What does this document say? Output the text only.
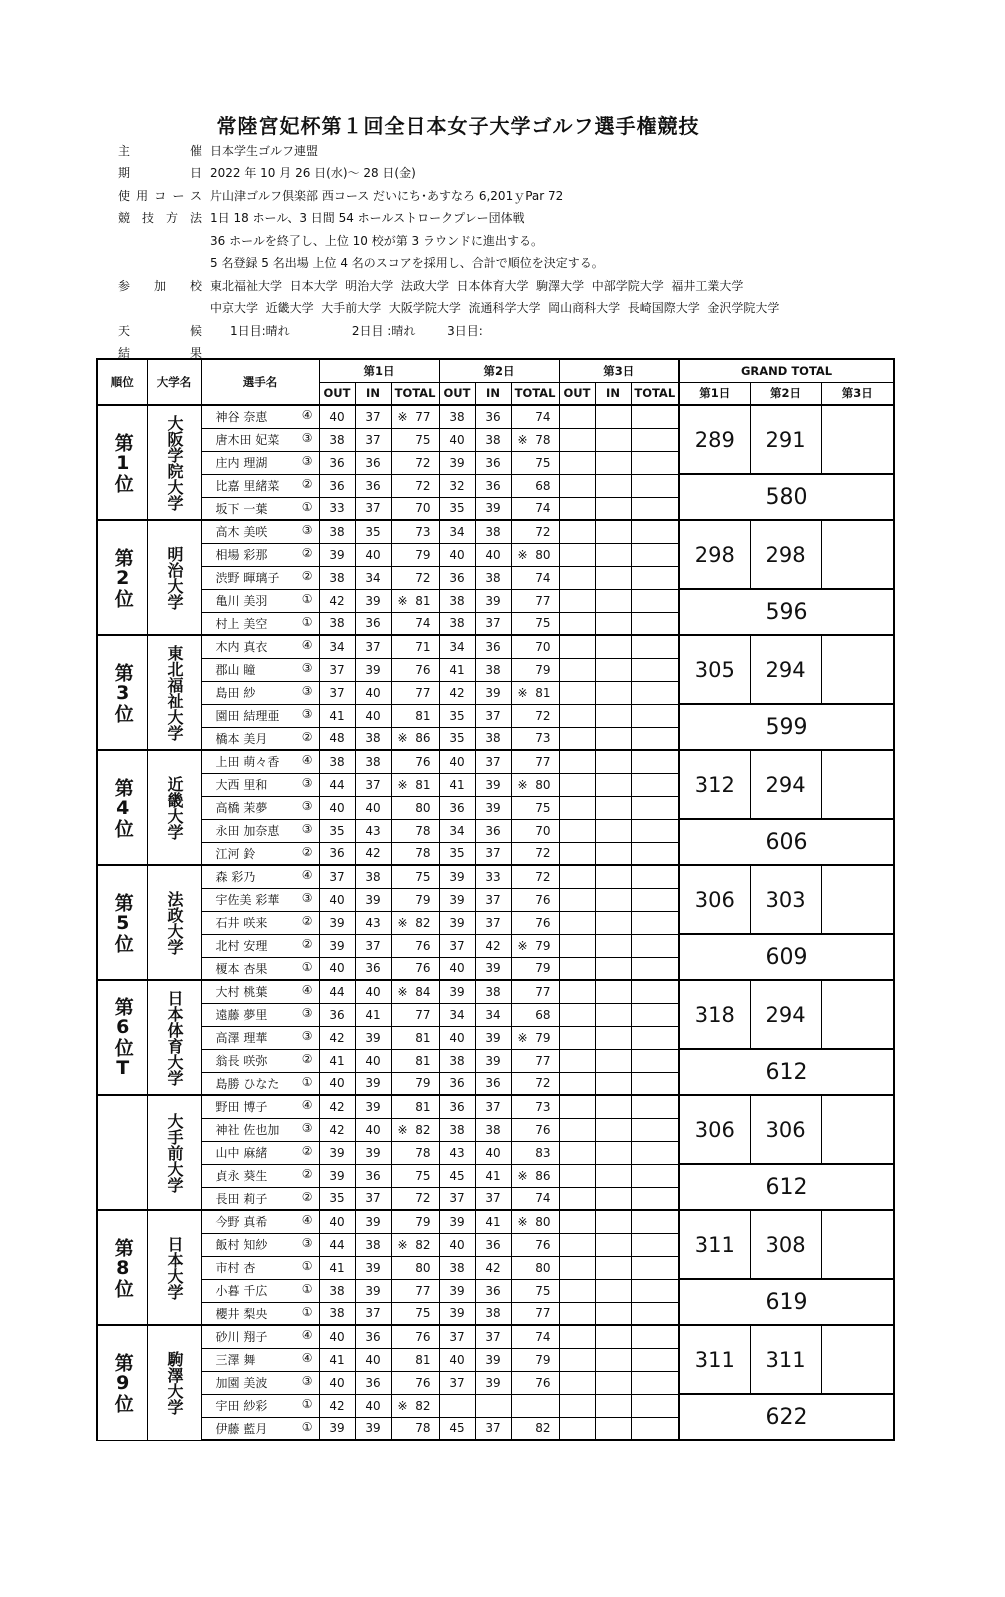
常陸宮妃杯第１回全日本女子大学ゴルフ選手権競技
主　　催 日本学生ゴルフ連盟
期　　日 2022 年 10 月 26 日(水)～ 28 日(金)
使用コース 片山津ゴルフ倶楽部 西コース だいにち･あすなろ 6,201ｙPar 72
競技方法 1日 18 ホール、3 日間 54 ホールストロークプレー団体戦
36 ホールを終了し、上位 10 校が第 3 ラウンドに進出する。
5 名登録 5 名出場 上位 4 名のスコアを採用し、合計で順位を決定する。
参 加 校 東北福祉大学  日本大学  明治大学  法政大学  日本体育大学  駒澤大学  中部学院大学  福井工業大学
中京大学  近畿大学  大手前大学  大阪学院大学  流通科学大学  岡山商科大学  長崎国際大学  金沢学院大学
天　　候 1日目:晴れ	2日目 :晴れ	3日目:
結　　果
順位	大学名	選手名	第1日			第2日			第3日			GRAND TOTAL		
			OUT	IN	TOTAL	OUT	IN	TOTAL	OUT	IN	TOTAL	第1日	第2日	第3日

第1位	大阪学院大学	神谷 奈恵 ④	40	37	※ 77	38	36	74				289	291	

		唐木田 妃菜 ③	38	37	75	40	38	※ 78						

		庄内 理湖 ③	36	36	72	39	36	75						

		比嘉 里緒菜 ②	36	36	72	32	36	68				580		

		坂下 一葉 ①	33	37	70	35	39	74						

第2位	明治大学	高木 美咲 ③	38	35	73	34	38	72				298	298	

		相場 彩那 ②	39	40	79	40	40	※ 80						

		渋野 暉璃子 ②	38	34	72	36	38	74						

		亀川 美羽 ①	42	39	※ 81	38	39	77				596		

		村上 美空 ①	38	36	74	38	37	75						

第3位	東北福祉大学	木内 真衣 ④	34	37	71	34	36	70				305	294	

		郡山 瞳 ③	37	39	76	41	38	79						

		島田 紗 ③	37	40	77	42	39	※ 81						

		園田 結理亜 ③	41	40	81	35	37	72				599		

		橋本 美月 ②	48	38	※ 86	35	38	73						

第4位	近畿大学	上田 萌々香 ④	38	38	76	40	37	77				312	294	

		大西 里和 ③	44	37	※ 81	41	39	※ 80						

		高橋 茉夢 ③	40	40	80	36	39	75						

		永田 加奈恵 ③	35	43	78	34	36	70				606		

		江河 鈴 ②	36	42	78	35	37	72						

第5位	法政大学	森 彩乃 ④	37	38	75	39	33	72				306	303	

		宇佐美 彩華 ③	40	39	79	39	37	76						

		石井 咲来 ②	39	43	※ 82	39	37	76						

		北村 安理 ②	39	37	76	37	42	※ 79				609		

		榎本 杏果 ①	40	36	76	40	39	79						

第6位T	日本体育大学	大村 桃葉 ④	44	40	※ 84	39	38	77				318	294	

		遠藤 夢里 ③	36	41	77	34	34	68						

		高澤 理華 ③	42	39	81	40	39	※ 79						

		翁長 咲弥 ②	41	40	81	38	39	77				612		

		島勝 ひなた ①	40	39	79	36	36	72						

	大手前大学	野田 博子 ④	42	39	81	36	37	73				306	306	

		神社 佐也加 ③	42	40	※ 82	38	38	76						

		山中 麻緒 ②	39	39	78	43	40	83						

		貞永 葵生 ②	39	36	75	45	41	※ 86				612		

		長田 莉子 ②	35	37	72	37	37	74						

第8位	日本大学	今野 真希 ④	40	39	79	39	41	※ 80				311	308	

		飯村 知紗 ③	44	38	※ 82	40	36	76						

		市村 杏 ①	41	39	80	38	42	80						

		小暮 千広 ①	38	39	77	39	36	75				619		

		櫻井 梨央 ①	38	37	75	39	38	77						

第9位	駒澤大学	砂川 翔子 ④	40	36	76	37	37	74				311	311	

		三澤 舞 ④	41	40	81	40	39	79						

		加園 美波 ③	40	36	76	37	39	76						

		宇田 紗彩 ①	42	40	※ 82							622		

		伊藤 藍月 ①	39	39	78	45	37	82						
